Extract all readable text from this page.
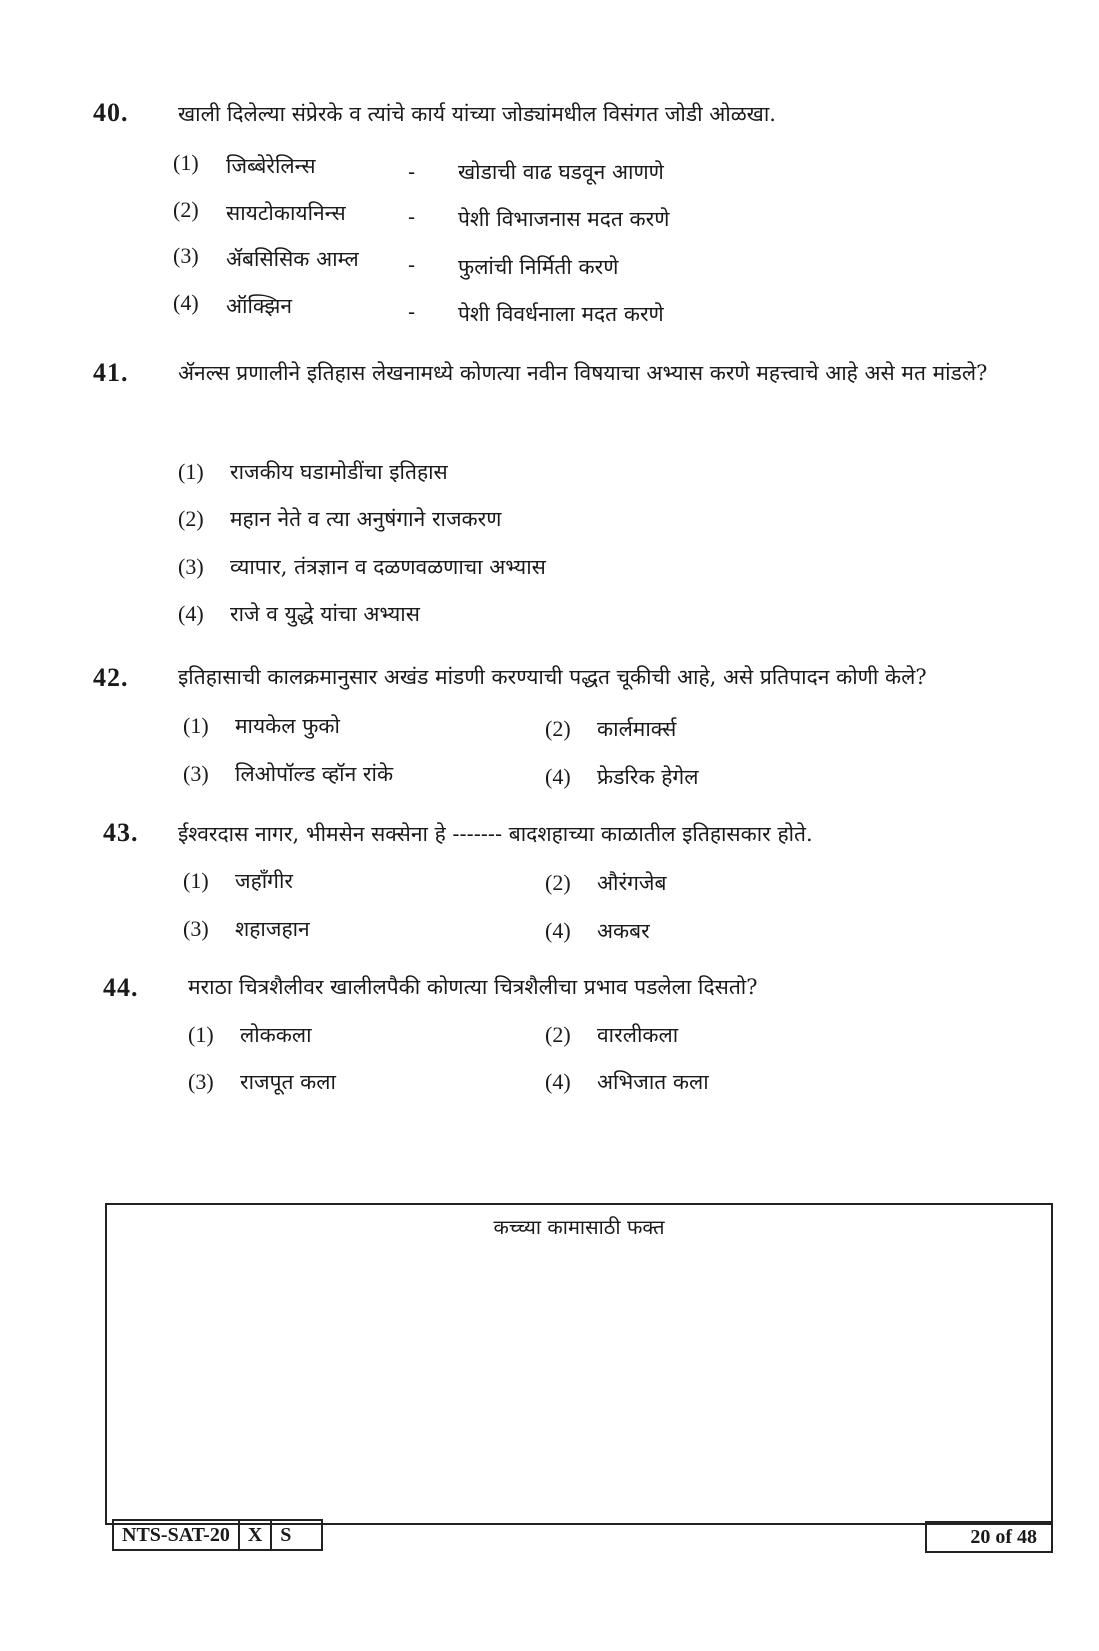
40. खाली दिलेल्या संप्रेरके व त्यांचे कार्य यांच्या जोड्यांमधील विसंगत जोडी ओळखा.
(1)	जिब्बेरेलिन्स	- खोडाची वाढ घडवून आणणे
(2)	सायटोकायनिन्स	- पेशी विभाजनास मदत करणे
(3)	ॲबसिसिक आम्ल - फुलांची निर्मिती करणे
(4)	ऑक्झिन	- पेशी विवर्धनाला मदत करणे
41. ॲनल्स प्रणालीने इतिहास लेखनामध्ये कोणत्या नवीन विषयाचा अभ्यास करणे महत्त्वाचे आहे असे मत मांडले?
(1) राजकीय घडामोडींचा इतिहास
(2) महान नेते व त्या अनुषंगाने राजकरण
(3) व्यापार, तंत्रज्ञान व दळणवळणाचा अभ्यास
(4) राजे व युद्धे यांचा अभ्यास
42. इतिहासाची कालक्रमानुसार अखंड मांडणी करण्याची पद्धत चूकीची आहे, असे प्रतिपादन कोणी केले?
(1) मायकेल फुको	(2) कार्लमार्क्स
(3) लिओपॉल्ड व्हॉन रांके	(4) फ्रेडरिक हेगेल
43. ईश्वरदास नागर, भीमसेन सक्सेना हे ------- बादशहाच्या काळातील इतिहासकार होते.
(1) जहाँगीर	(2) औरंगजेब
(3) शहाजहान	(4) अकबर
44. मराठा चित्रशैलीवर खालीलपैकी कोणत्या चित्रशैलीचा प्रभाव पडलेला दिसतो?
(1) लोककला	(2) वारलीकला
(3) राजपूत कला	(4) अभिजात कला
कच्च्या कामासाठी फक्त
NTS-SAT-20 X S	20 of 48
